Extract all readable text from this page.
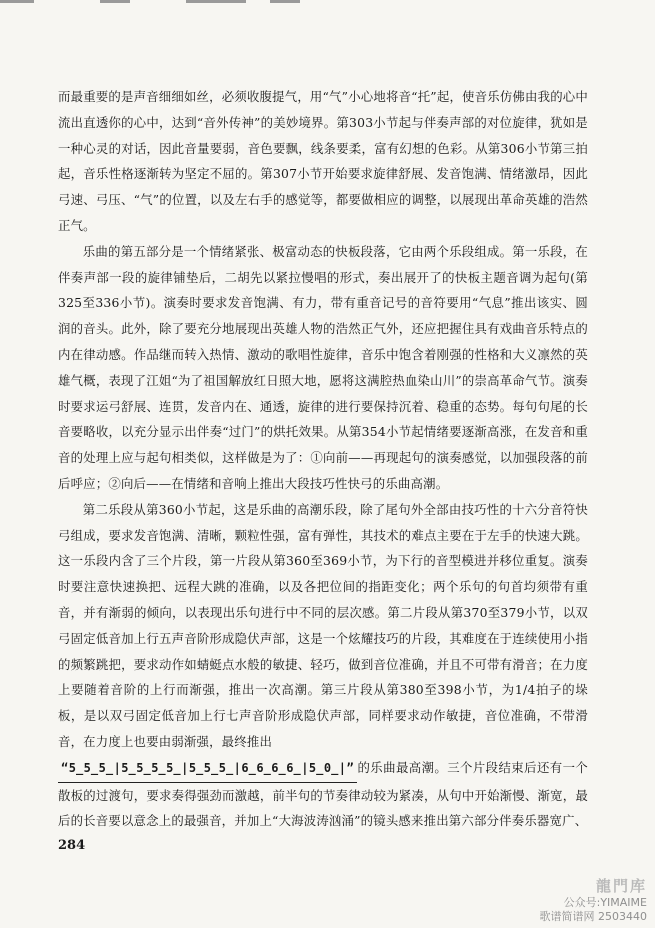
而最重要的是声音细细如丝，必须收腹提气，用“气”小心地将音“托”起，使音乐仿佛由我的心中流出直透你的心中，达到“音外传神”的美妙境界。第303小节起与伴奏声部的对位旋律，犹如是一种心灵的对话，因此音量要弱，音色要飘，线条要柔，富有幻想的色彩。从第306小节第三拍起，音乐性格逐渐转为坚定不屈的。第307小节开始要求旋律舒展、发音饱满、情绪激昂，因此弓速、弓压、“气”的位置，以及左右手的感觉等，都要做相应的调整，以展现出革命英雄的浩然正气。

乐曲的第五部分是一个情绪紧张、极富动态的快板段落，它由两个乐段组成。第一乐段，在伴奏声部一段的旋律铺垫后，二胡先以紧拉慢唱的形式，奏出展开了的快板主题音调为起句(第325至336小节)。演奏时要求发音饱满、有力，带有重音记号的音符要用“气息”推出该实、圆润的音头。此外，除了要充分地展现出英雄人物的浩然正气外，还应把握住具有戏曲音乐特点的内在律动感。作品继而转入热情、激动的歌唱性旋律，音乐中饱含着刚强的性格和大义凛然的英雄气概，表现了江姐“为了祖国解放红日照大地，愿将这满腔热血染山川”的崇高革命气节。演奏时要求运弓舒展、连贯，发音内在、通透，旋律的进行要保持沉着、稳重的态势。每句句尾的长音要略收，以充分显示出伴奏“过门”的烘托效果。从第354小节起情绪要逐渐高涨，在发音和重音的处理上应与起句相类似，这样做是为了：①向前——再现起句的演奏感觉，以加强段落的前后呼应；②向后——在情绪和音响上推出大段技巧性快弓的乐曲高潮。

第二乐段从第360小节起，这是乐曲的高潮乐段，除了尾句外全部由技巧性的十六分音符快弓组成，要求发音饱满、清晰，颗粒性强，富有弹性，其技术的难点主要在于左手的快速大跳。这一乐段内含了三个片段，第一片段从第360至369小节，为下行的音型模进并移位重复。演奏时要注意快速换把、远程大跳的准确，以及各把位间的指距变化；两个乐句的句首均须带有重音，并有渐弱的倾向，以表现出乐句进行中不同的层次感。第二片段从第370至379小节，以双弓固定低音加上行五声音阶形成隐伏声部，这是一个炫耀技巧的片段，其难度在于连续使用小指的频繁跳把，要求动作如蜻蜓点水般的敏捷、轻巧，做到音位准确，并且不可带有滑音；在力度上要随着音阶的上行而渐强，推出一次高潮。第三片段从第380至398小节，为1/4拍子的垛板，是以双弓固定低音加上行七声音阶形成隐伏声部，同样要求动作敏捷，音位准确，不带滑音，在力度上也要由弱渐强，最终推出

“5̲5̲5̲|5̲5̲5̲5̲|5̲5̲5̲|6̲6̲6̲6̲|5̲0̲|” 的乐曲最高潮。三个片段结束后还有一个散板的过渡句，要求奏得强劲而激越，前半句的节奏律动较为紧凑，从句中开始渐慢、渐宽，最后的长音要以意念上的最强音，并加上“大海波涛汹涌”的镜头感来推出第六部分伴奏乐器宽广、

284
龍門库
公众号:YIMAIME
歌谱简谱网 2503440
